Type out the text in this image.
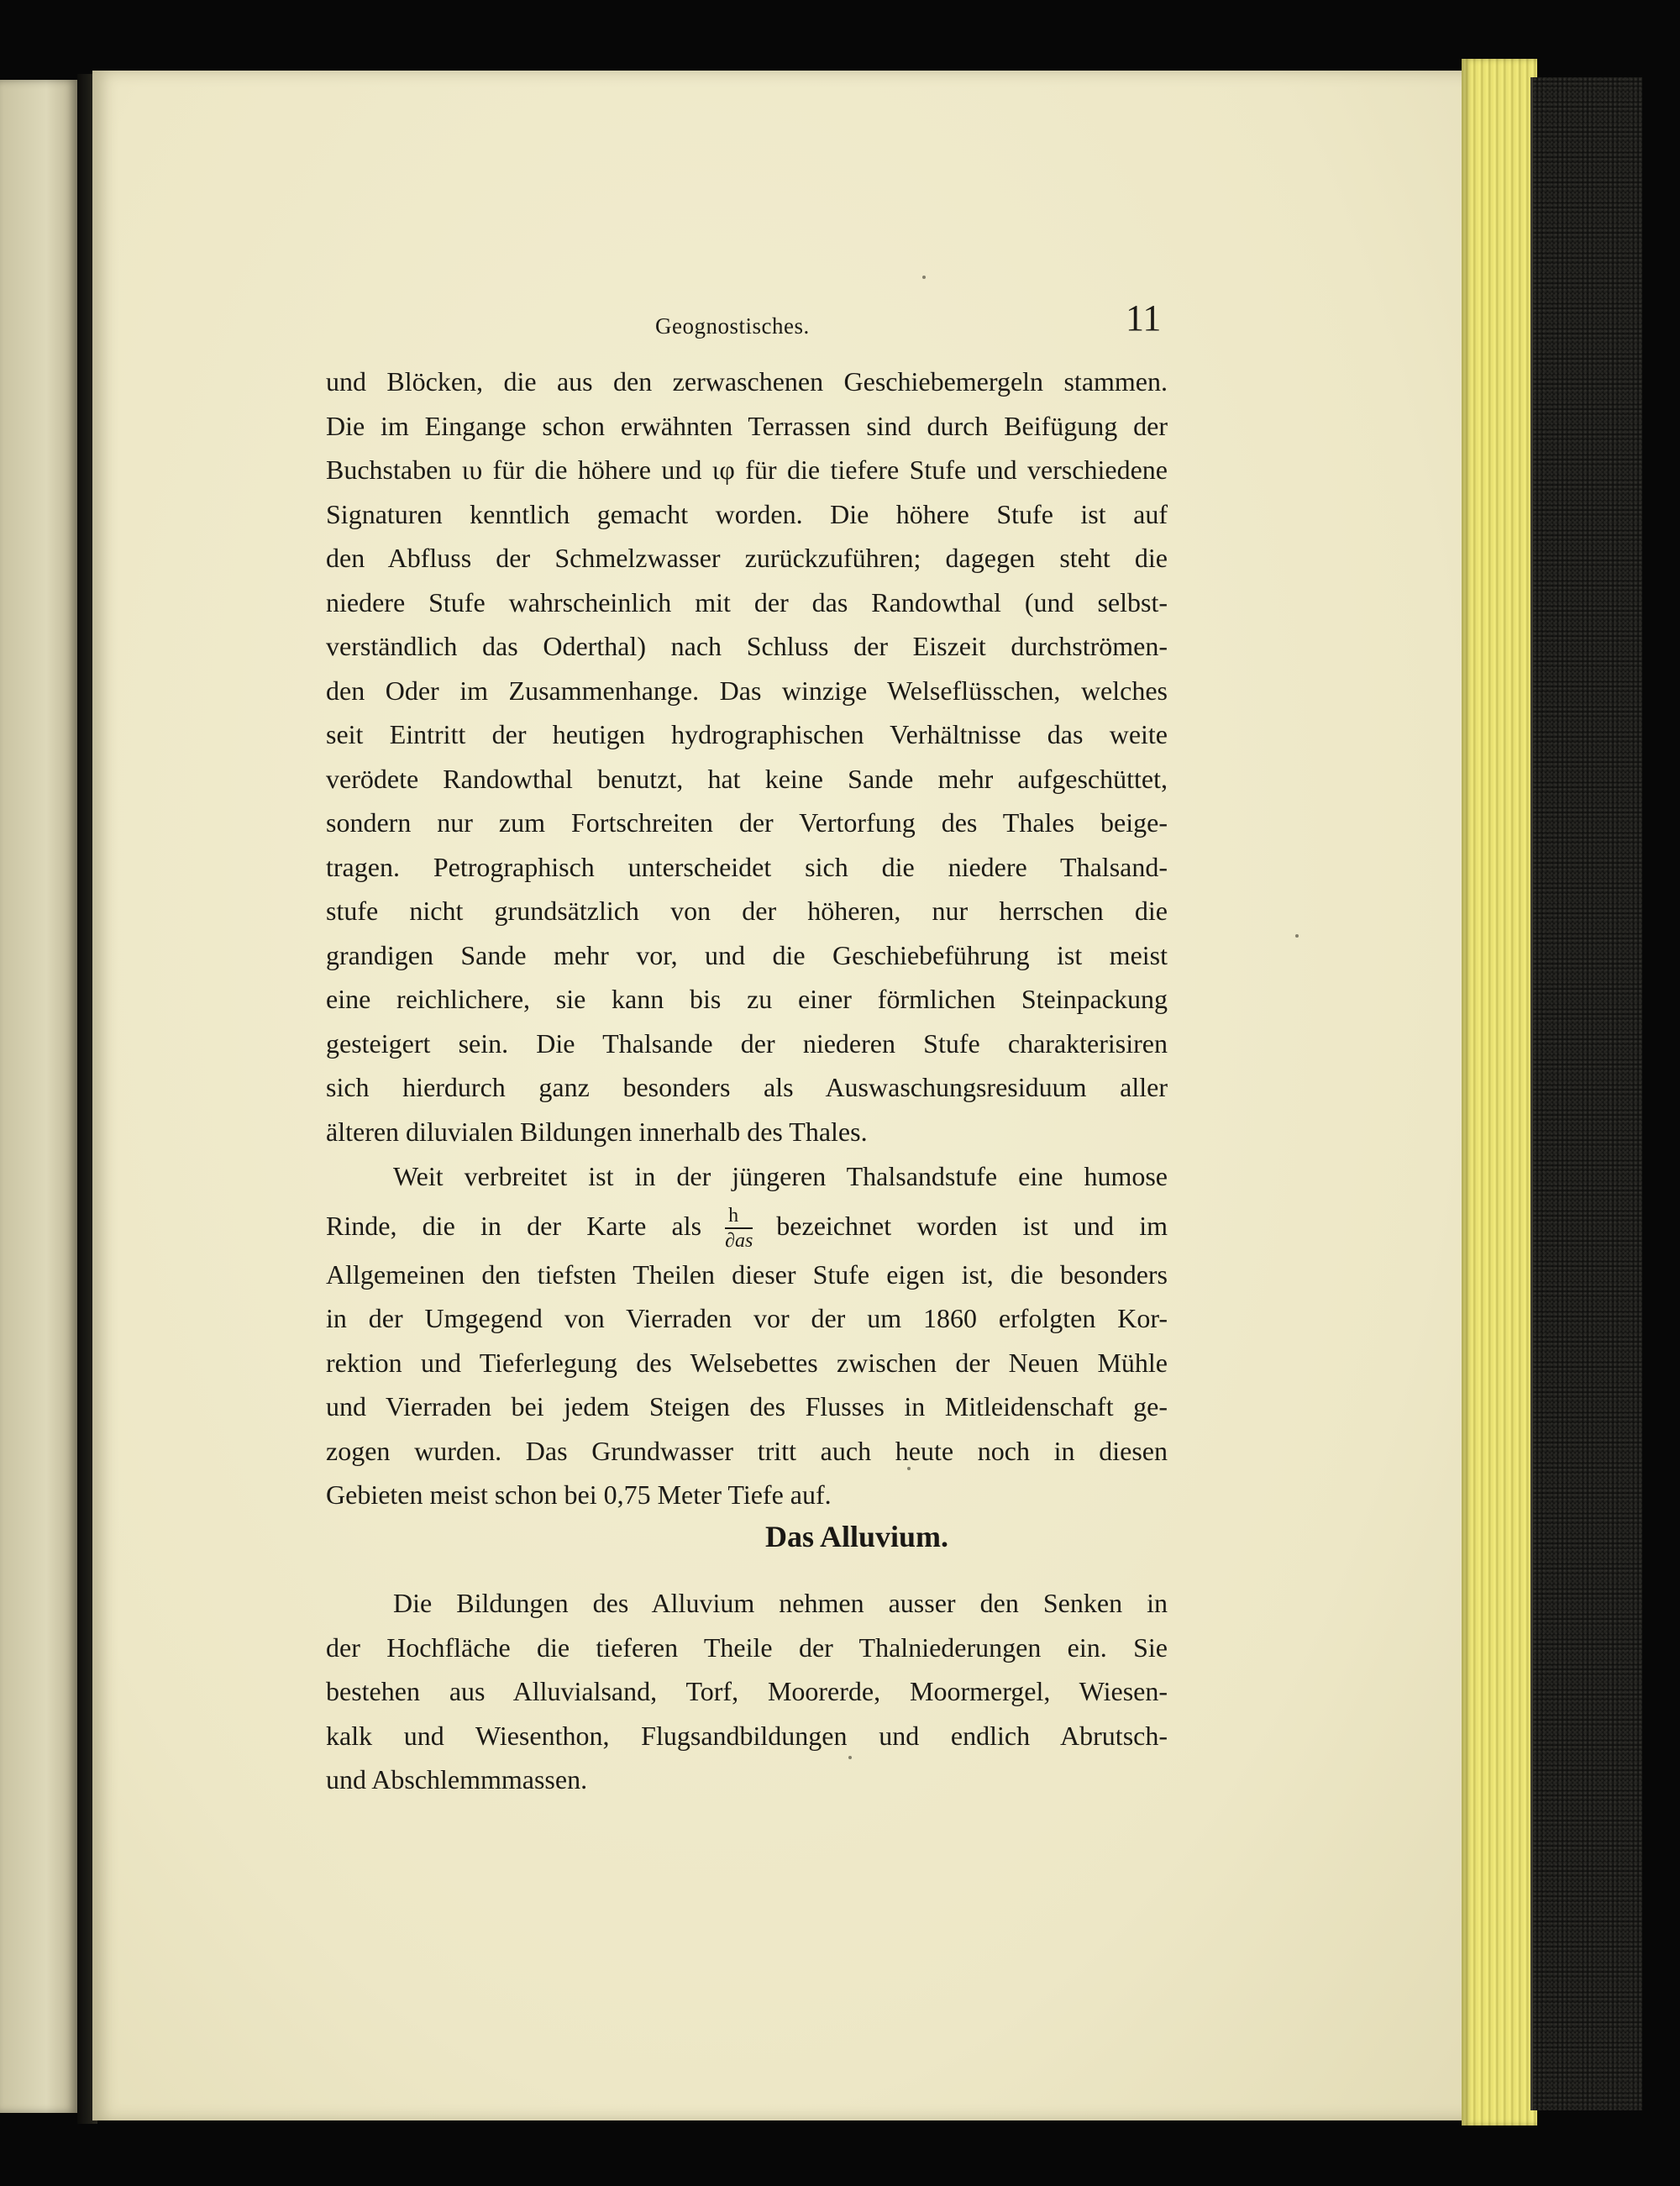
Geognostisches.	11
und Blöcken, die aus den zerwaschenen Geschiebemergeln stammen.
Die im Eingange schon erwähnten Terrassen sind durch Beifügung der
Buchstaben ιυ für die höhere und ιφ für die tiefere Stufe und verschiedene
Signaturen kenntlich gemacht worden. Die höhere Stufe ist auf
den Abfluss der Schmelzwasser zurückzuführen; dagegen steht die
niedere Stufe wahrscheinlich mit der das Randowthal (und selbst-
verständlich das Oderthal) nach Schluss der Eiszeit durchströmen-
den Oder im Zusammenhange. Das winzige Welseflüsschen, welches
seit Eintritt der heutigen hydrographischen Verhältnisse das weite
verödete Randowthal benutzt, hat keine Sande mehr aufgeschüttet,
sondern nur zum Fortschreiten der Vertorfung des Thales beige-
tragen. Petrographisch unterscheidet sich die niedere Thalsand-
stufe nicht grundsätzlich von der höheren, nur herrschen die
grandigen Sande mehr vor, und die Geschiebeführung ist meist
eine reichlichere, sie kann bis zu einer förmlichen Steinpackung
gesteigert sein. Die Thalsande der niederen Stufe charakterisiren
sich hierdurch ganz besonders als Auswaschungsresiduum aller
älteren diluvialen Bildungen innerhalb des Thales.
Weit verbreitet ist in der jüngeren Thalsandstufe eine humose
Rinde, die in der Karte als $\frac{h}{\partial as}$ bezeichnet worden ist und im
Allgemeinen den tiefsten Theilen dieser Stufe eigen ist, die besonders
in der Umgegend von Vierraden vor der um 1860 erfolgten Kor-
rektion und Tieferlegung des Welsebettes zwischen der Neuen Mühle
und Vierraden bei jedem Steigen des Flusses in Mitleidenschaft ge-
zogen wurden. Das Grundwasser tritt auch heute noch in diesen
Gebieten meist schon bei 0,75 Meter Tiefe auf.
Das Alluvium.
Die Bildungen des Alluvium nehmen ausser den Senken in
der Hochfläche die tieferen Theile der Thalniederungen ein. Sie
bestehen aus Alluvialsand, Torf, Moorerde, Moormergel, Wiesen-
kalk und Wiesenthon, Flugsandbildungen und endlich Abrutsch-
und Abschlemmmassen.
